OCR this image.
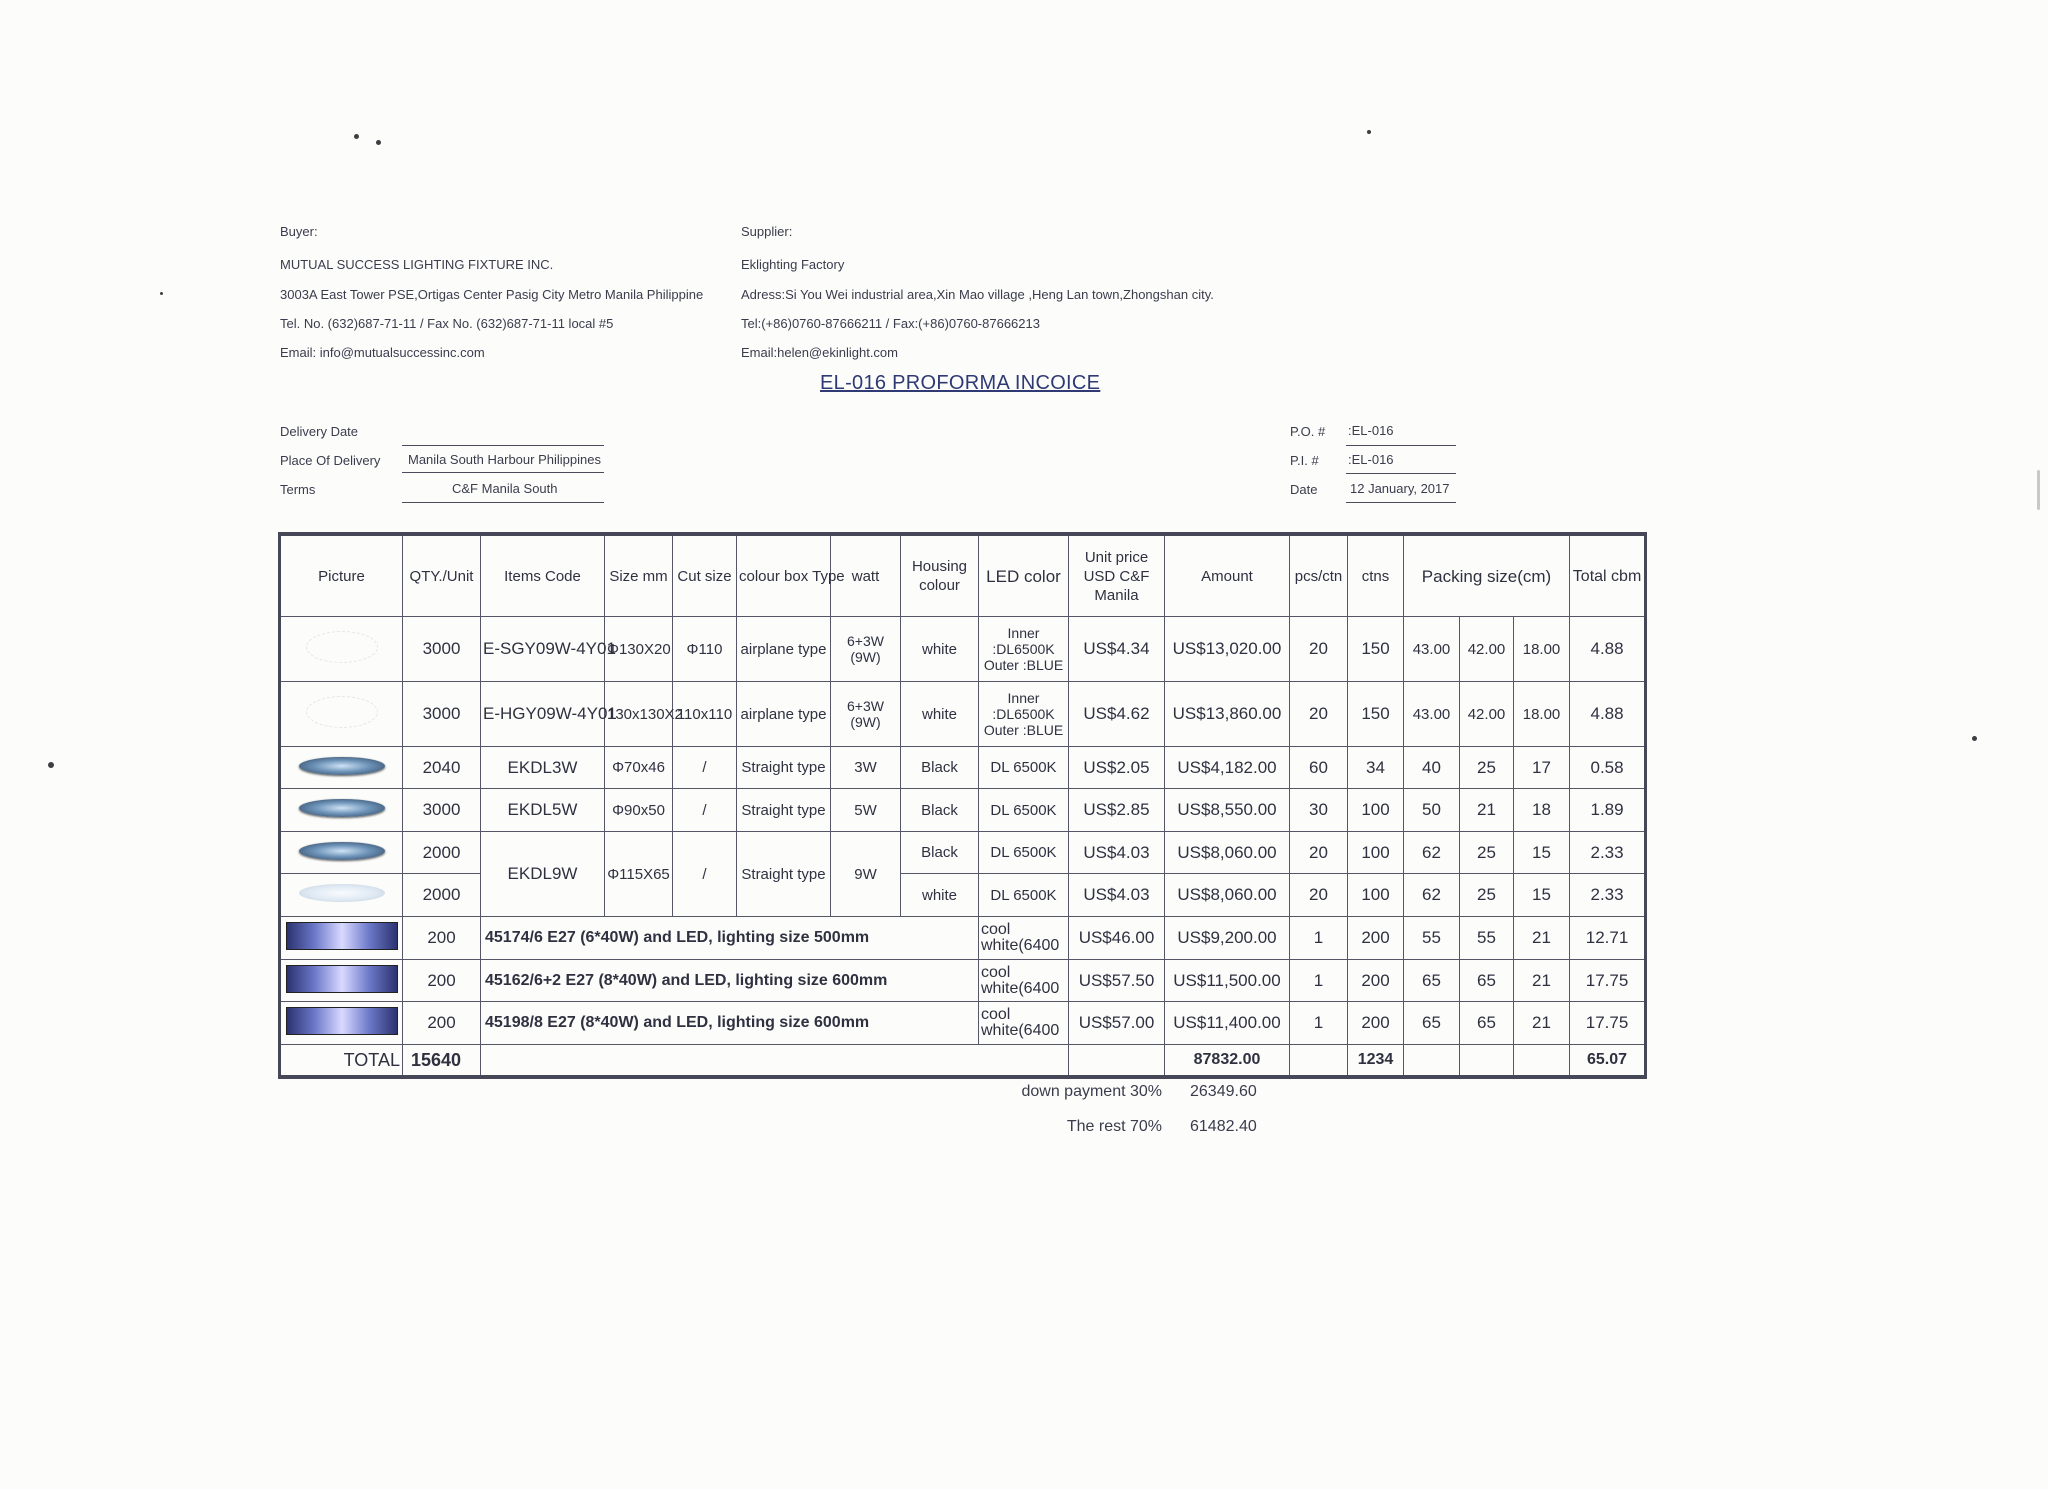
Buyer:
MUTUAL SUCCESS LIGHTING FIXTURE INC.
3003A East Tower PSE,Ortigas Center Pasig City Metro Manila Philippine
Tel. No. (632)687-71-11 / Fax No. (632)687-71-11 local #5
Email: info@mutualsuccessinc.com
Supplier:
Eklighting Factory
Adress:Si You Wei industrial area,Xin Mao village ,Heng Lan town,Zhongshan city.
Tel:(+86)0760-87666211 / Fax:(+86)0760-87666213
Email:helen@ekinlight.com
EL-016 PROFORMA INCOICE
Delivery Date
Place Of Delivery Manila South Harbour Philippines
Terms	C&F Manila South
P.O. # :EL-016
P.I. # :EL-016
Date	12 January, 2017
Picture	QTY./Unit	Items Code	Size mm	Cut size	colour box Type	watt	Housing colour	LED color	Unit price USD C&F Manila	Amount	pcs/ctn	ctns	Packing size(cm)			Total cbm
	3000	E-SGY09W-4Y01	Φ130X20	Φ110	airplane type	6+3W (9W)	white	Inner :DL6500K Outer :BLUE	US$4.34	US$13,020.00	20	150	43.00	42.00	18.00	4.88
	3000	E-HGY09W-4Y01	130x130X2	110x110	airplane type	6+3W (9W)	white	Inner :DL6500K Outer :BLUE	US$4.62	US$13,860.00	20	150	43.00	42.00	18.00	4.88
	2040	EKDL3W	Φ70x46	/	Straight type	3W	Black	DL 6500K	US$2.05	US$4,182.00	60	34	40	25	17	0.58
	3000	EKDL5W	Φ90x50	/	Straight type	5W	Black	DL 6500K	US$2.85	US$8,550.00	30	100	50	21	18	1.89
	2000	EKDL9W	Φ115X65	/	Straight type	9W	Black	DL 6500K	US$4.03	US$8,060.00	20	100	62	25	15	2.33
	2000						white	DL 6500K	US$4.03	US$8,060.00	20	100	62	25	15	2.33
	200	45174/6 E27 (6*40W) and LED, lighting size 500mm						cool white(6400	US$46.00	US$9,200.00	1	200	55	55	21	12.71
	200	45162/6+2 E27 (8*40W) and LED, lighting size 600mm						cool white(6400	US$57.50	US$11,500.00	1	200	65	65	21	17.75
	200	45198/8 E27 (8*40W) and LED, lighting size 600mm						cool white(6400	US$57.00	US$11,400.00	1	200	65	65	21	17.75
TOTAL	15640									87832.00		1234				65.07
down payment 30% 26349.60
The rest 70% 61482.40
